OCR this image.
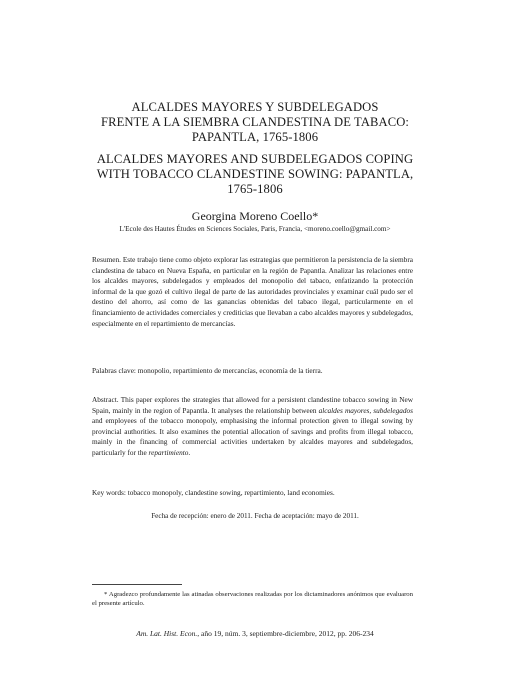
ALCALDES MAYORES Y SUBDELEGADOS
FRENTE A LA SIEMBRA CLANDESTINA DE TABACO:
PAPANTLA, 1765-1806
ALCALDES MAYORES AND SUBDELEGADOS COPING
WITH TOBACCO CLANDESTINE SOWING: PAPANTLA,
1765-1806
Georgina Moreno Coello*
L'Ecole des Hautes Études en Sciences Sociales, Paris, Francia, <moreno.coello@gmail.com>

Resumen. Este trabajo tiene como objeto explorar las estrategias que permitieron la persistencia de la siembra clandestina de tabaco en Nueva España, en particular en la región de Papantla. Analizar las relaciones entre los alcaldes mayores, subdelegados y empleados del monopolio del tabaco, enfatizando la protección informal de la que gozó el cultivo ilegal de parte de las autoridades provinciales y examinar cuál pudo ser el destino del ahorro, así como de las ganancias obtenidas del tabaco ilegal, particularmente en el financiamiento de actividades comerciales y crediticias que llevaban a cabo alcaldes mayores y subdelegados, especialmente en el repartimiento de mercancías.

Palabras clave: monopolio, repartimiento de mercancías, economía de la tierra.

Abstract. This paper explores the strategies that allowed for a persistent clandestine tobacco sowing in New Spain, mainly in the region of Papantla. It analyses the relationship between alcaldes mayores, subdelegados and employees of the tobacco monopoly, emphasising the informal protection given to illegal sowing by provincial authorities. It also examines the potential allocation of savings and profits from illegal tobacco, mainly in the financing of commercial activities undertaken by alcaldes mayores and subdelegados, particularly for the repartimiento.

Key words: tobacco monopoly, clandestine sowing, repartimiento, land economies.

Fecha de recepción: enero de 2011. Fecha de aceptación: mayo de 2011.
* Agradezco profundamente las atinadas observaciones realizadas por los dictaminadores anónimos que evaluaron el presente artículo.
Am. Lat. Hist. Econ., año 19, núm. 3, septiembre-diciembre, 2012, pp. 206-234
